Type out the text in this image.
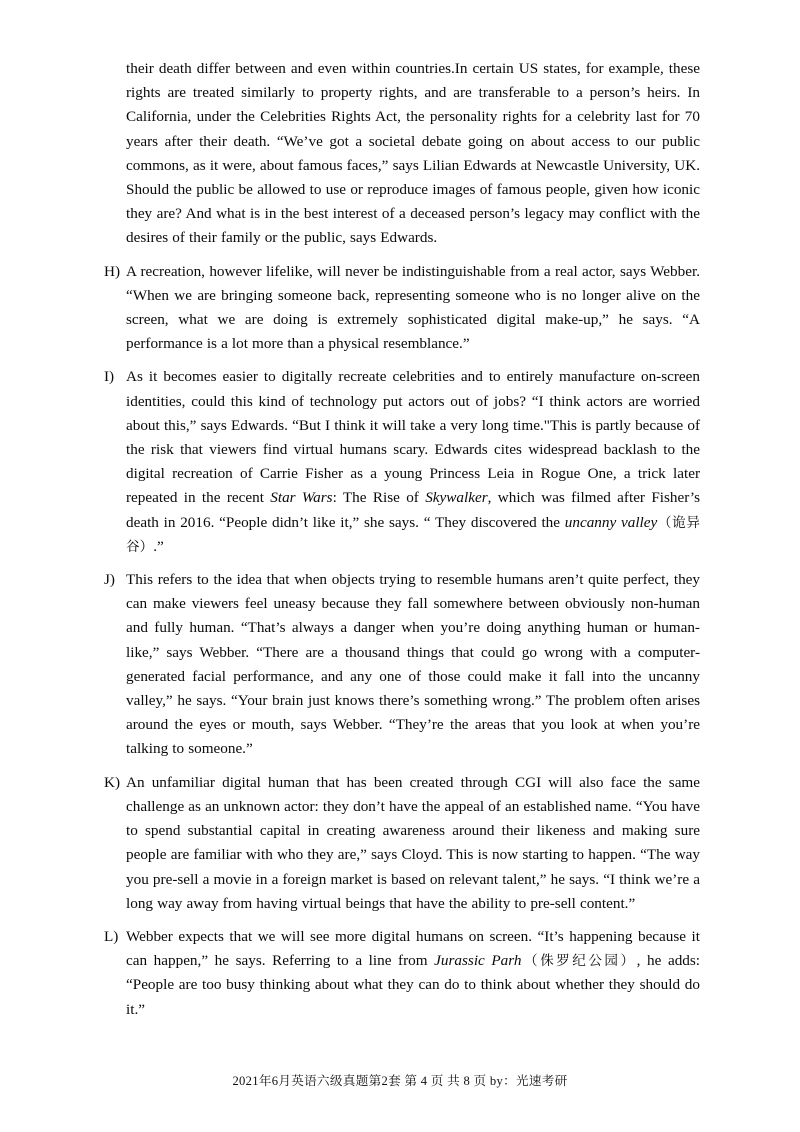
their death differ between and even within countries.In certain US states, for example, these rights are treated similarly to property rights, and are transferable to a person’s heirs. In California, under the Celebrities Rights Act, the personality rights for a celebrity last for 70 years after their death. “We’ve got a societal debate going on about access to our public commons, as it were, about famous faces,” says Lilian Edwards at Newcastle University, UK. Should the public be allowed to use or reproduce images of famous people, given how iconic they are? And what is in the best interest of a deceased person’s legacy may conflict with the desires of their family or the public, says Edwards.
H) A recreation, however lifelike, will never be indistinguishable from a real actor, says Webber. “When we are bringing someone back, representing someone who is no longer alive on the screen, what we are doing is extremely sophisticated digital make-up,” he says. “A performance is a lot more than a physical resemblance.”
I) As it becomes easier to digitally recreate celebrities and to entirely manufacture on-screen identities, could this kind of technology put actors out of jobs? “I think actors are worried about this,” says Edwards. “But I think it will take a very long time."This is partly because of the risk that viewers find virtual humans scary. Edwards cites widespread backlash to the digital recreation of Carrie Fisher as a young Princess Leia in Rogue One, a trick later repeated in the recent Star Wars: The Rise of Skywalker, which was filmed after Fisher’s death in 2016. “People didn’t like it,” she says. “ They discovered the uncanny valley（诡异谷）.”
J) This refers to the idea that when objects trying to resemble humans aren’t quite perfect, they can make viewers feel uneasy because they fall somewhere between obviously non-human and fully human. “That’s always a danger when you’re doing anything human or human-like,” says Webber. “There are a thousand things that could go wrong with a computer-generated facial performance, and any one of those could make it fall into the uncanny valley,” he says. “Your brain just knows there’s something wrong.” The problem often arises around the eyes or mouth, says Webber. “They’re the areas that you look at when you’re talking to someone.”
K) An unfamiliar digital human that has been created through CGI will also face the same challenge as an unknown actor: they don’t have the appeal of an established name. “You have to spend substantial capital in creating awareness around their likeness and making sure people are familiar with who they are,” says Cloyd. This is now starting to happen. “The way you pre-sell a movie in a foreign market is based on relevant talent,” he says. “I think we’re a long way away from having virtual beings that have the ability to pre-sell content.”
L) Webber expects that we will see more digital humans on screen. “It’s happening because it can happen,” he says. Referring to a line from Jurassic Parh（侏罗纪公园）, he adds: “People are too busy thinking about what they can do to think about whether they should do it.”
2021年6月英语六级真题第2套 第 4 页 共 8 页 by：光速考研
